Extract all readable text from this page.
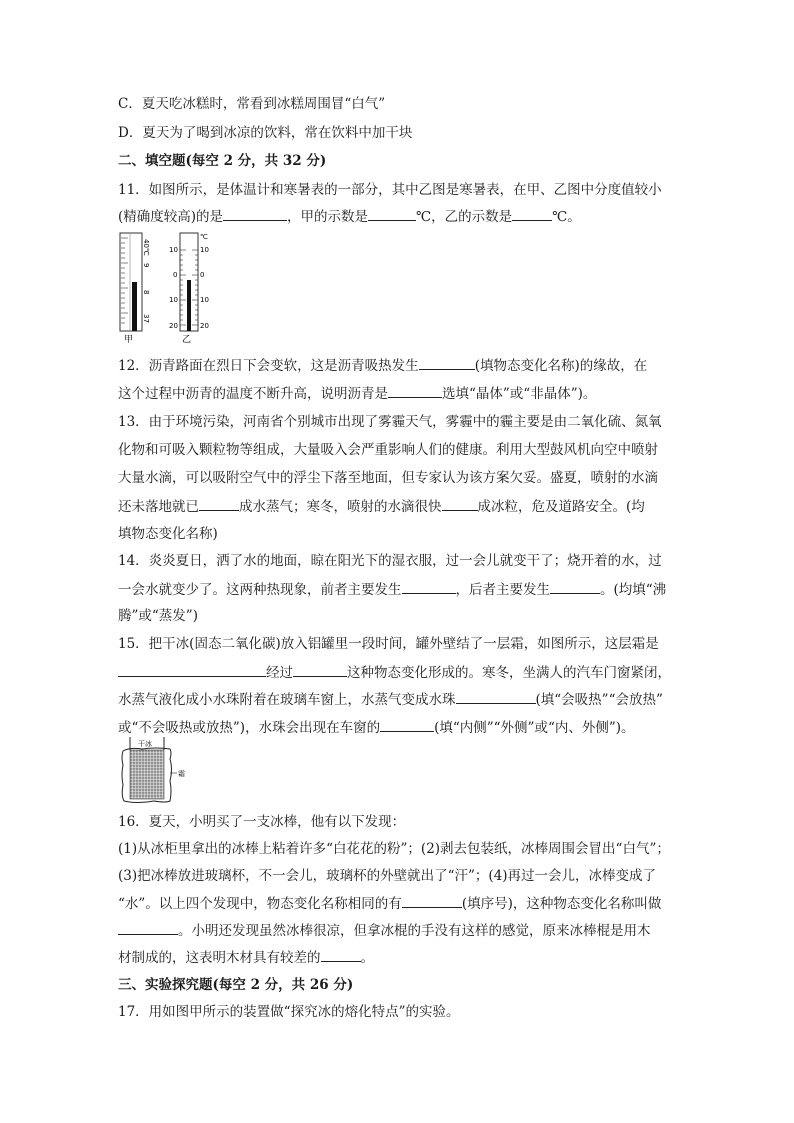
C．夏天吃冰糕时，常看到冰糕周围冒“白气”
D．夏天为了喝到冰凉的饮料，常在饮料中加干块
二、填空题(每空 2 分，共 32 分)
11．如图所示，是体温计和寒暑表的一部分，其中乙图是寒暑表，在甲、乙图中分度值较小
(精确度较高)的是	，甲的示数是	℃，乙的示数是	℃。
40℃
9
8
37
甲
10
0
10
20
℃
10
0
10
20
乙
12．沥青路面在烈日下会变软，这是沥青吸热发生	(填物态变化名称)的缘故，在
这个过程中沥青的温度不断升高，说明沥青是	选填“晶体”或“非晶体”)。
13．由于环境污染，河南省个别城市出现了雾霾天气，雾霾中的霾主要是由二氧化硫、氮氧
化物和可吸入颗粒物等组成，大量吸入会严重影响人们的健康。利用大型鼓风机向空中喷射
大量水滴，可以吸附空气中的浮尘下落至地面，但专家认为该方案欠妥。盛夏，喷射的水滴
还未落地就已	成水蒸气；寒冬，喷射的水滴很快	成冰粒，危及道路安全。(均
填物态变化名称)
14．炎炎夏日，洒了水的地面，晾在阳光下的湿衣服，过一会儿就变干了；烧开着的水，过
一会水就变少了。这两种热现象，前者主要发生	，后者主要发生	。(均填“沸
腾”或“蒸发”)
15．把干冰(固态二氧化碳)放入铝罐里一段时间，罐外壁结了一层霜，如图所示，这层霜是
经过	这种物态变化形成的。寒冬，坐满人的汽车门窗紧闭，
水蒸气液化成小水珠附着在玻璃车窗上，水蒸气变成水珠	(填“会吸热”“会放热”
或“不会吸热或放热”)，水珠会出现在车窗的	(填“内侧”“外侧”或“内、外侧”)。
干冰
霜
16．夏天，小明买了一支冰棒，他有以下发现：
(1)从冰柜里拿出的冰棒上粘着许多“白花花的粉”；(2)剥去包装纸，冰棒周围会冒出“白气”；
(3)把冰棒放进玻璃杯，不一会儿，玻璃杯的外壁就出了“汗”；(4)再过一会儿，冰棒变成了
“水”。以上四个发现中，物态变化名称相同的有	(填序号)，这种物态变化名称叫做
。小明还发现虽然冰棒很凉，但拿冰棍的手没有这样的感觉，原来冰棒棍是用木
材制成的，这表明木材具有较差的	。
三、实验探究题(每空 2 分，共 26 分)
17．用如图甲所示的装置做“探究冰的熔化特点”的实验。
